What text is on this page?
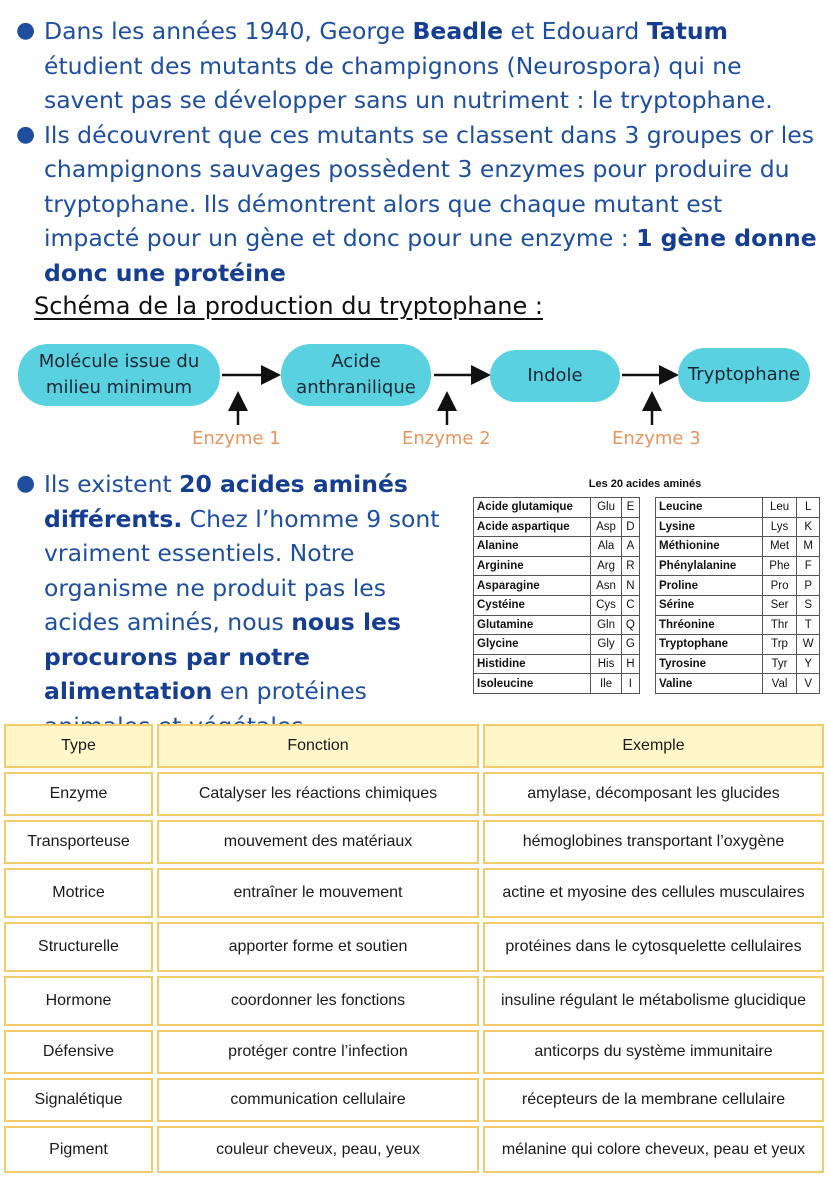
● Dans les années 1940, George Beadle et Edouard Tatum étudient des mutants de champignons (Neurospora) qui ne savent pas se développer sans un nutriment : le tryptophane.
● Ils découvrent que ces mutants se classent dans 3 groupes or les champignons sauvages possèdent 3 enzymes pour produire du tryptophane. Ils démontrent alors que chaque mutant est impacté pour un gène et donc pour une enzyme : 1 gène donne donc une protéine
Schéma de la production du tryptophane :
Molécule issue du milieu minimum
Acide anthranilique
Indole	Tryptophane
Enzyme 1	Enzyme 2	Enzyme 3
● Ils existent 20 acides aminés différents. Chez l’homme 9 sont vraiment essentiels. Notre organisme ne produit pas les acides aminés, nous nous les procurons par notre alimentation en protéines
Les 20 acides aminés
Acide glutamique	Glu	E
Acide aspartique	Asp	D
Alanine	Ala	A
Arginine	Arg	R
Asparagine	Asn	N
Cystéine	Cys	C
Glutamine	Gln	Q
Glycine	Gly	G
Histidine	His	H
Isoleucine	Ile	I
Leucine	Leu	L
Lysine	Lys	K
Méthionine	Met	M
Phénylalanine	Phe	F
Proline	Pro	P
Sérine	Ser	S
Thréonine	Thr	T
Tryptophane	Trp	W
Tyrosine	Tyr	Y
Valine	Val	V
Type	Fonction	Exemple
Enzyme	Catalyser les réactions chimiques	amylase, décomposant les glucides
Transporteuse	mouvement des matériaux	hémoglobines transportant l’oxygène
Motrice	entraîner le mouvement	actine et myosine des cellules musculaires
Structurelle	apporter forme et soutien	protéines dans le cytosquelette cellulaires
Hormone	coordonner les fonctions	insuline régulant le métabolisme glucidique
Défensive	protéger contre l’infection	anticorps du système immunitaire
Signalétique	communication cellulaire	récepteurs de la membrane cellulaire
Pigment	couleur cheveux, peau, yeux	mélanine qui colore cheveux, peau et yeux
